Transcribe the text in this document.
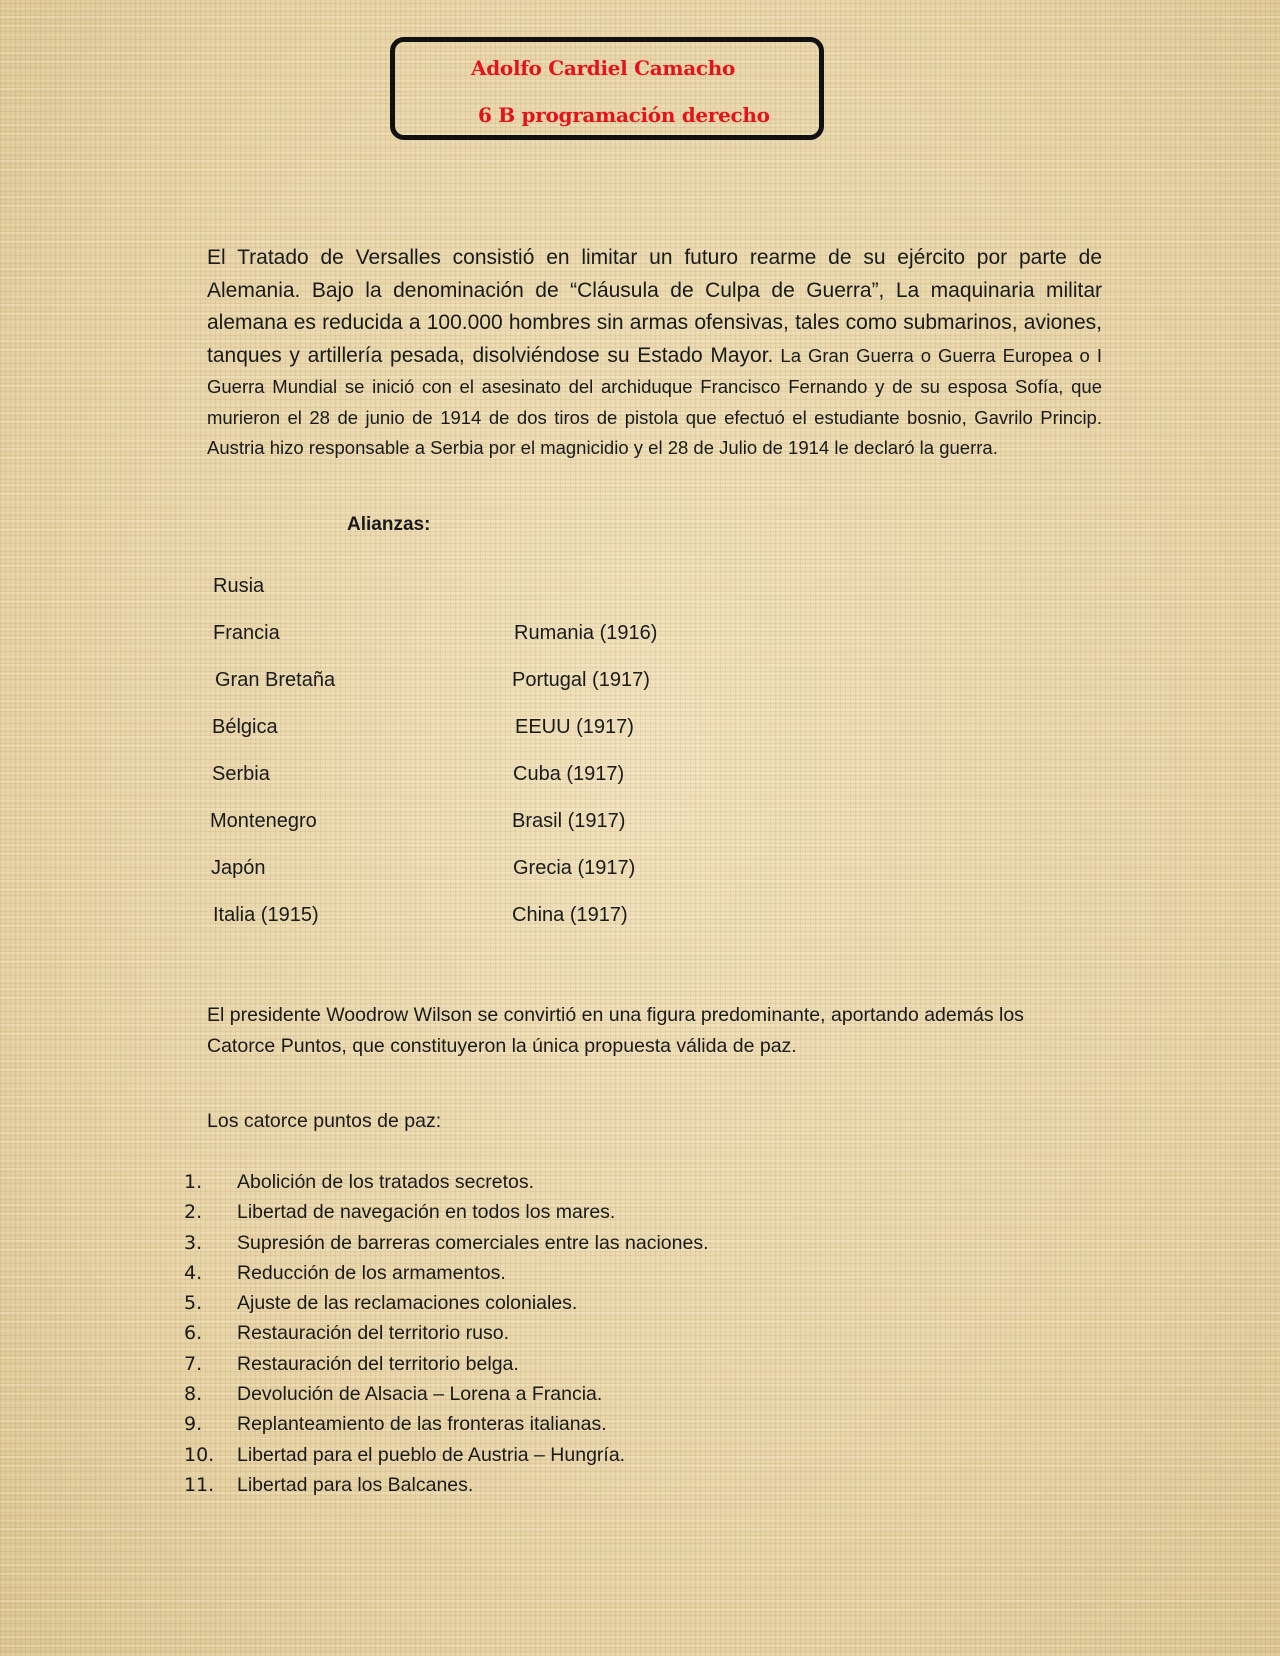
Adolfo Cardiel Camacho
6 B programación derecho
El Tratado de Versalles consistió en limitar un futuro rearme de su ejército por parte de Alemania. Bajo la denominación de “Cláusula de Culpa de Guerra”, La maquinaria militar alemana es reducida a 100.000 hombres sin armas ofensivas, tales como submarinos, aviones, tanques y artillería pesada, disolviéndose su Estado Mayor. La Gran Guerra o Guerra Europea o I Guerra Mundial se inició con el asesinato del archiduque Francisco Fernando y de su esposa Sofía, que murieron el 28 de junio de 1914 de dos tiros de pistola que efectuó el estudiante bosnio, Gavrilo Princip. Austria hizo responsable a Serbia por el magnicidio y el 28 de Julio de 1914 le declaró la guerra.
Alianzas:
Rusia
Francia
Gran Bretaña
Bélgica
Serbia
Montenegro
Japón
Italia (1915)
Rumania (1916)
Portugal (1917)
EEUU (1917)
Cuba (1917)
Brasil (1917)
Grecia (1917)
China (1917)
El presidente Woodrow Wilson se convirtió en una figura predominante, aportando además los
Catorce Puntos, que constituyeron la única propuesta válida de paz.
Los catorce puntos de paz:
1. Abolición de los tratados secretos.
2. Libertad de navegación en todos los mares.
3. Supresión de barreras comerciales entre las naciones.
4. Reducción de los armamentos.
5. Ajuste de las reclamaciones coloniales.
6. Restauración del territorio ruso.
7. Restauración del territorio belga.
8. Devolución de Alsacia – Lorena a Francia.
9. Replanteamiento de las fronteras italianas.
10. Libertad para el pueblo de Austria – Hungría.
11. Libertad para los Balcanes.
